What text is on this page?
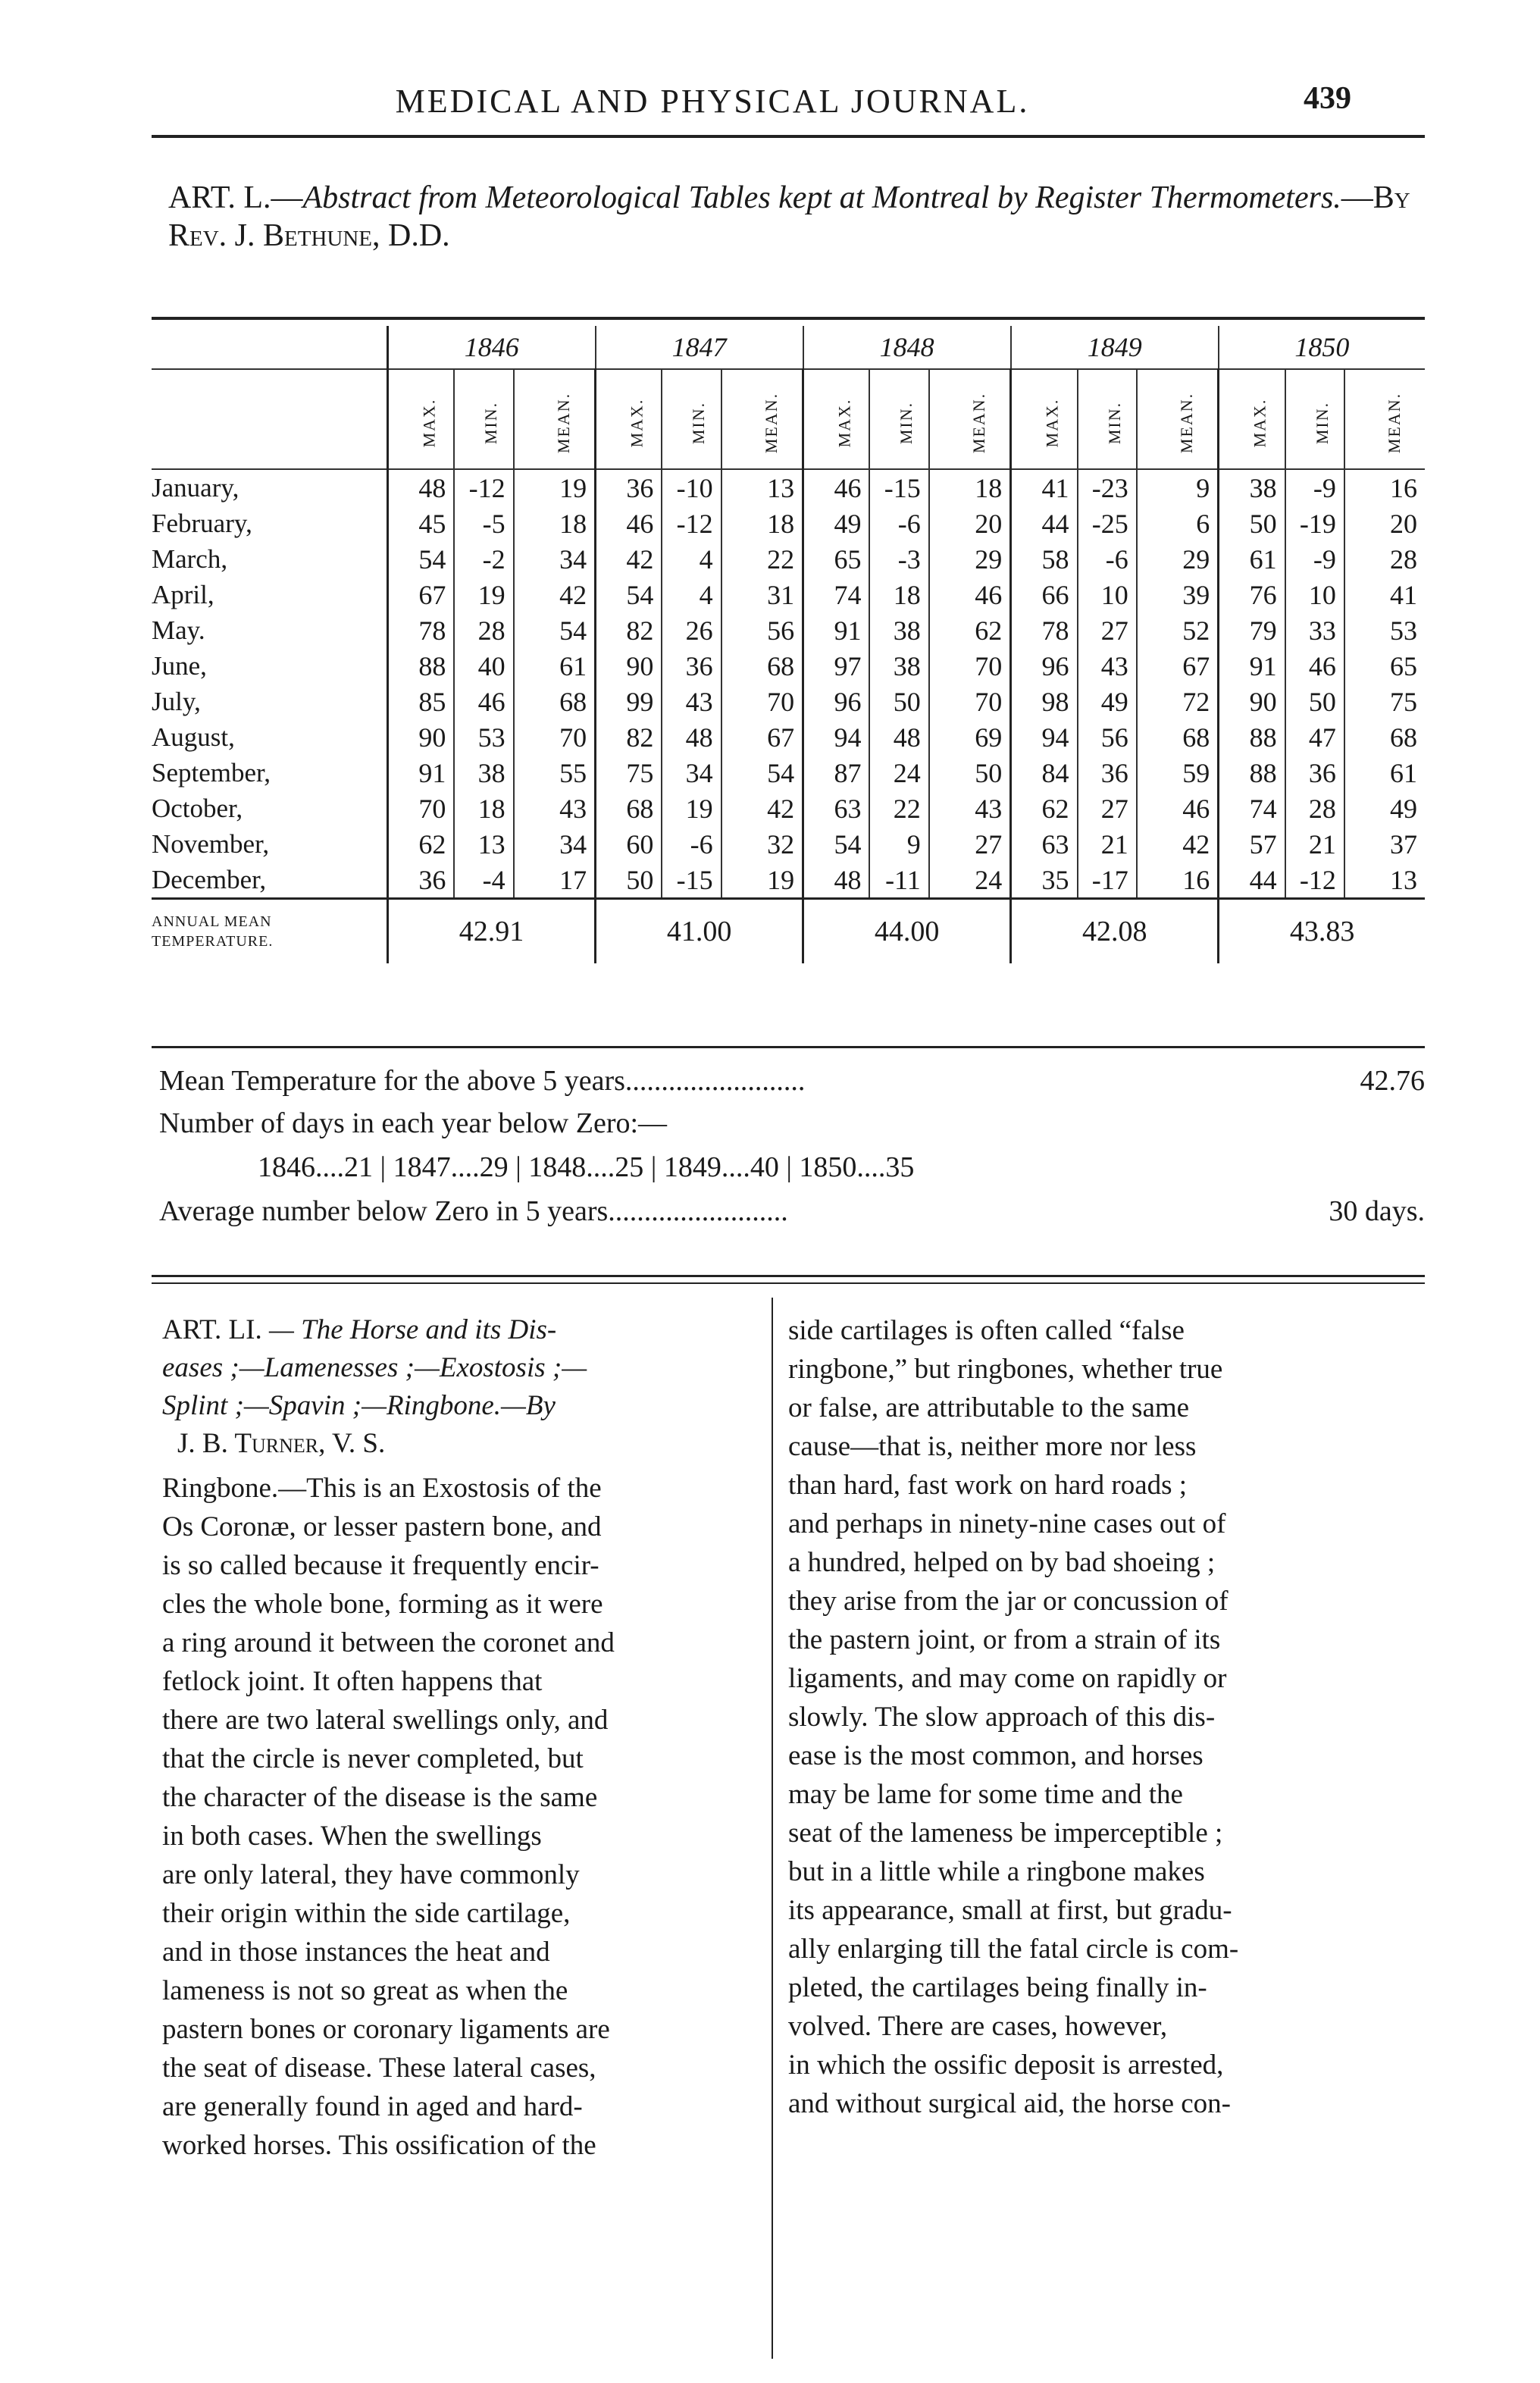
MEDICAL AND PHYSICAL JOURNAL.	439
ART. L.—Abstract from Meteorological Tables kept at Montreal by Register Thermometers.—By Rev. J. Bethune, D.D.
	1846			1847			1848			1849			1850		
	MAX.	MIN.	MEAN.	MAX.	MIN.	MEAN.	MAX.	MIN.	MEAN.	MAX.	MIN.	MEAN.	MAX.	MIN.	MEAN.
January,	48	-12	19	36	-10	13	46	-15	18	41	-23	9	38	-9	16
February,	45	-5	18	46	-12	18	49	-6	20	44	-25	6	50	-19	20
March,	54	-2	34	42	4	22	65	-3	29	58	-6	29	61	-9	28
April,	67	19	42	54	4	31	74	18	46	66	10	39	76	10	41
May.	78	28	54	82	26	56	91	38	62	78	27	52	79	33	53
June,	88	40	61	90	36	68	97	38	70	96	43	67	91	46	65
July,	85	46	68	99	43	70	96	50	70	98	49	72	90	50	75
August,	90	53	70	82	48	67	94	48	69	94	56	68	88	47	68
September,	91	38	55	75	34	54	87	24	50	84	36	59	88	36	61
October,	70	18	43	68	19	42	63	22	43	62	27	46	74	28	49
November,	62	13	34	60	-6	32	54	9	27	63	21	42	57	21	37
December,	36	-4	17	50	-15	19	48	-11	24	35	-17	16	44	-12	13
ANNUAL MEAN
TEMPERATURE.	42.91			41.00			44.00			42.08			43.83		
Mean Temperature for the above 5 years.........................	42.76
Number of days in each year below Zero:—
1846....21 | 1847....29 | 1848....25 | 1849....40 | 1850....35
Average number below Zero in 5 years.........................	30 days.

ART. LI. — The Horse and its Dis-
eases ;—Lamenesses ;—Exostosis ;—
Splint ;—Spavin ;—Ringbone.—By
J. B. Turner, V. S.

Ringbone.—This is an Exostosis of the
Os Coronæ, or lesser pastern bone, and
is so called because it frequently encir-
cles the whole bone, forming as it were
a ring around it between the coronet and
fetlock joint. It often happens that
there are two lateral swellings only, and
that the circle is never completed, but
the character of the disease is the same
in both cases. When the swellings
are only lateral, they have commonly
their origin within the side cartilage,
and in those instances the heat and
lameness is not so great as when the
pastern bones or coronary ligaments are
the seat of disease. These lateral cases,
are generally found in aged and hard-
worked horses. This ossification of the
side cartilages is often called “false
ringbone,” but ringbones, whether true
or false, are attributable to the same
cause—that is, neither more nor less
than hard, fast work on hard roads ;
and perhaps in ninety-nine cases out of
a hundred, helped on by bad shoeing ;
they arise from the jar or concussion of
the pastern joint, or from a strain of its
ligaments, and may come on rapidly or
slowly. The slow approach of this dis-
ease is the most common, and horses
may be lame for some time and the
seat of the lameness be imperceptible ;
but in a little while a ringbone makes
its appearance, small at first, but gradu-
ally enlarging till the fatal circle is com-
pleted, the cartilages being finally in-
volved. There are cases, however,
in which the ossific deposit is arrested,
and without surgical aid, the horse con-
